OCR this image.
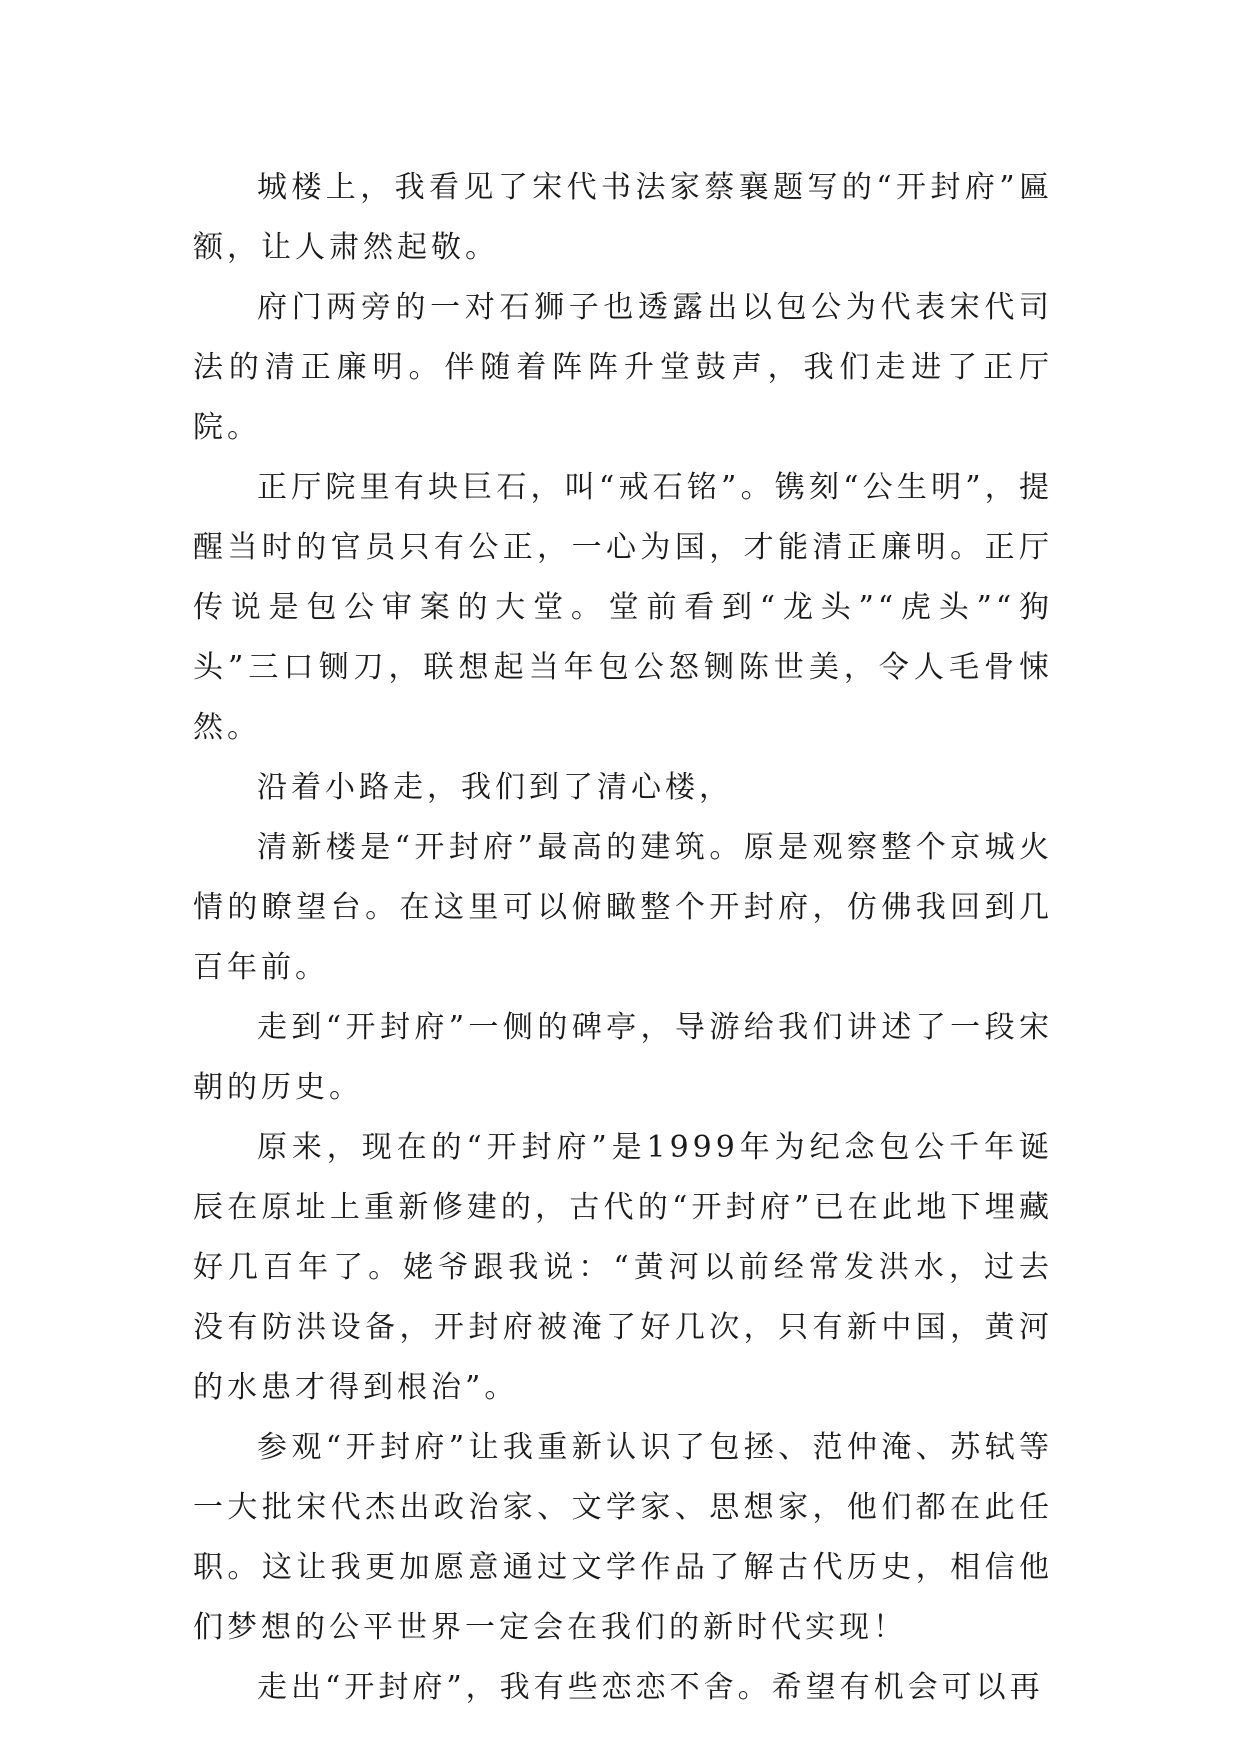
城楼上，我看见了宋代书法家蔡襄题写的“开封府”匾额，让人肃然起敬。

府门两旁的一对石狮子也透露出以包公为代表宋代司法的清正廉明。伴随着阵阵升堂鼓声，我们走进了正厅院。

正厅院里有块巨石，叫“戒石铭”。镌刻“公生明”，提醒当时的官员只有公正，一心为国，才能清正廉明。正厅传说是包公审案的大堂。堂前看到“龙头”“虎头”“狗头”三口铡刀，联想起当年包公怒铡陈世美，令人毛骨悚然。

沿着小路走，我们到了清心楼，

清新楼是“开封府”最高的建筑。原是观察整个京城火情的瞭望台。在这里可以俯瞰整个开封府，仿佛我回到几百年前。

走到“开封府”一侧的碑亭，导游给我们讲述了一段宋朝的历史。

原来，现在的“开封府”是1999年为纪念包公千年诞辰在原址上重新修建的，古代的“开封府”已在此地下埋藏好几百年了。姥爷跟我说：“黄河以前经常发洪水，过去没有防洪设备，开封府被淹了好几次，只有新中国，黄河的水患才得到根治”。

参观“开封府”让我重新认识了包拯、范仲淹、苏轼等一大批宋代杰出政治家、文学家、思想家，他们都在此任职。这让我更加愿意通过文学作品了解古代历史，相信他们梦想的公平世界一定会在我们的新时代实现！

走出“开封府”，我有些恋恋不舍。希望有机会可以再
